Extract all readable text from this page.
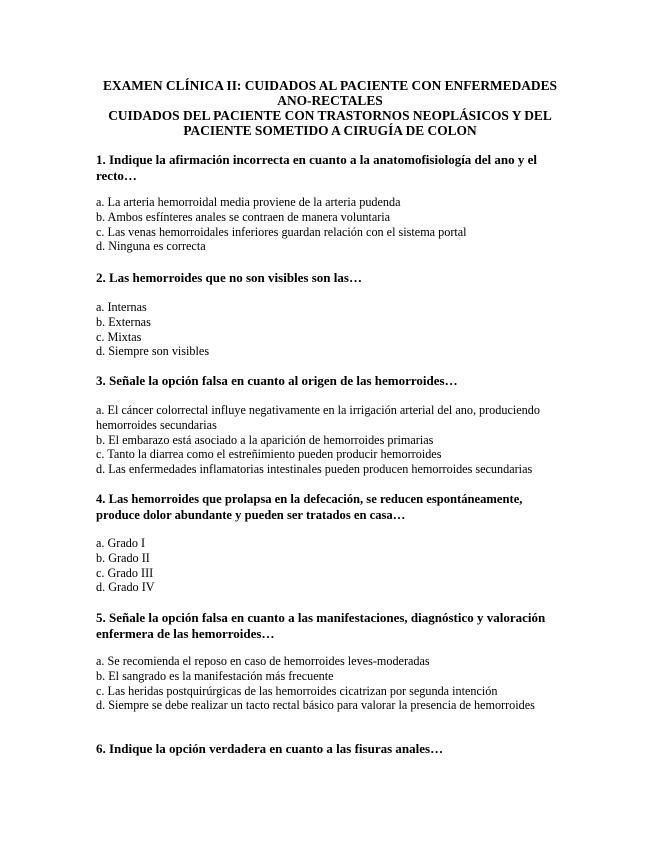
EXAMEN CLÍNICA II: CUIDADOS AL PACIENTE CON ENFERMEDADES
ANO-RECTALES
CUIDADOS DEL PACIENTE CON TRASTORNOS NEOPLÁSICOS Y DEL
PACIENTE SOMETIDO A CIRUGÍA DE COLON
1. Indique la afirmación incorrecta en cuanto a la anatomofisiología del ano y el recto…
a. La arteria hemorroidal media proviene de la arteria pudenda
b. Ambos esfínteres anales se contraen de manera voluntaria
c. Las venas hemorroidales inferiores guardan relación con el sistema portal
d. Ninguna es correcta
2. Las hemorroides que no son visibles son las…
a. Internas
b. Externas
c. Mixtas
d. Siempre son visibles
3. Señale la opción falsa en cuanto al origen de las hemorroides…
a. El cáncer colorrectal influye negativamente en la irrigación arterial del ano, produciendo hemorroides secundarias
b. El embarazo está asociado a la aparición de hemorroides primarias
c. Tanto la diarrea como el estreñimiento pueden producir hemorroides
d. Las enfermedades inflamatorias intestinales pueden producen hemorroides secundarias
4. Las hemorroides que prolapsa en la defecación, se reducen espontáneamente, produce dolor abundante y pueden ser tratados en casa…
a. Grado I
b. Grado II
c. Grado III
d. Grado IV
5. Señale la opción falsa en cuanto a las manifestaciones, diagnóstico y valoración enfermera de las hemorroides…
a. Se recomienda el reposo en caso de hemorroides leves-moderadas
b. El sangrado es la manifestación más frecuente
c. Las heridas postquirúrgicas de las hemorroides cicatrizan por segunda intención
d. Siempre se debe realizar un tacto rectal básico para valorar la presencia de hemorroides
6. Indique la opción verdadera en cuanto a las fisuras anales…
